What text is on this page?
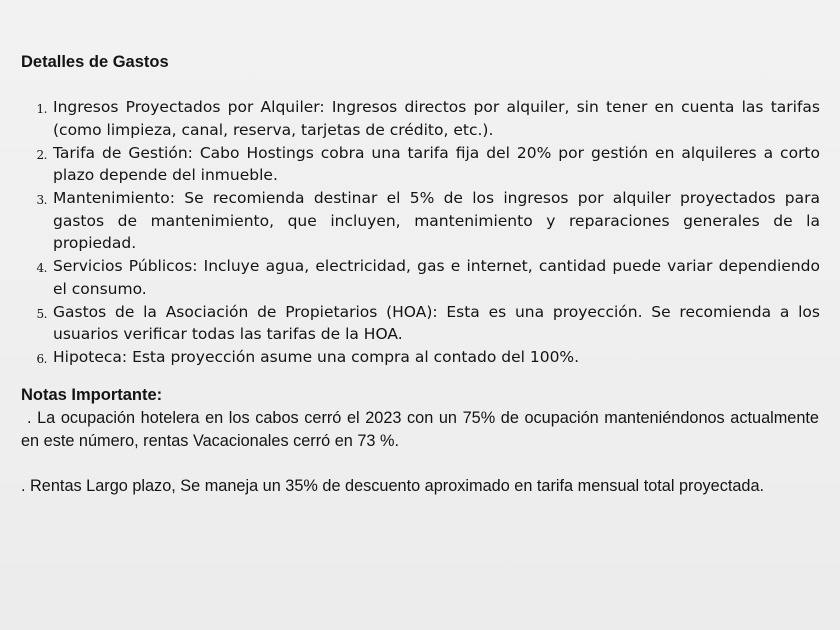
Detalles de Gastos
1. Ingresos Proyectados por Alquiler: Ingresos directos por alquiler, sin tener en cuenta las tarifas (como limpieza, canal, reserva, tarjetas de crédito, etc.).
2. Tarifa de Gestión: Cabo Hostings cobra una tarifa fija del 20% por gestión en alquileres a corto plazo depende del inmueble.
3. Mantenimiento: Se recomienda destinar el 5% de los ingresos por alquiler proyectados para gastos de mantenimiento, que incluyen, mantenimiento y reparaciones generales de la propiedad.
4. Servicios Públicos: Incluye agua, electricidad, gas e internet, cantidad puede variar dependiendo el consumo.
5. Gastos de la Asociación de Propietarios (HOA): Esta es una proyección. Se recomienda a los usuarios verificar todas las tarifas de la HOA.
6. Hipoteca: Esta proyección asume una compra al contado del 100%.
Notas Importante:

. La ocupación hotelera en los cabos cerró el 2023 con un 75% de ocupación manteniéndonos actualmente en este número, rentas Vacacionales cerró en 73 %.

. Rentas Largo plazo, Se maneja un 35% de descuento aproximado en tarifa mensual total proyectada.
